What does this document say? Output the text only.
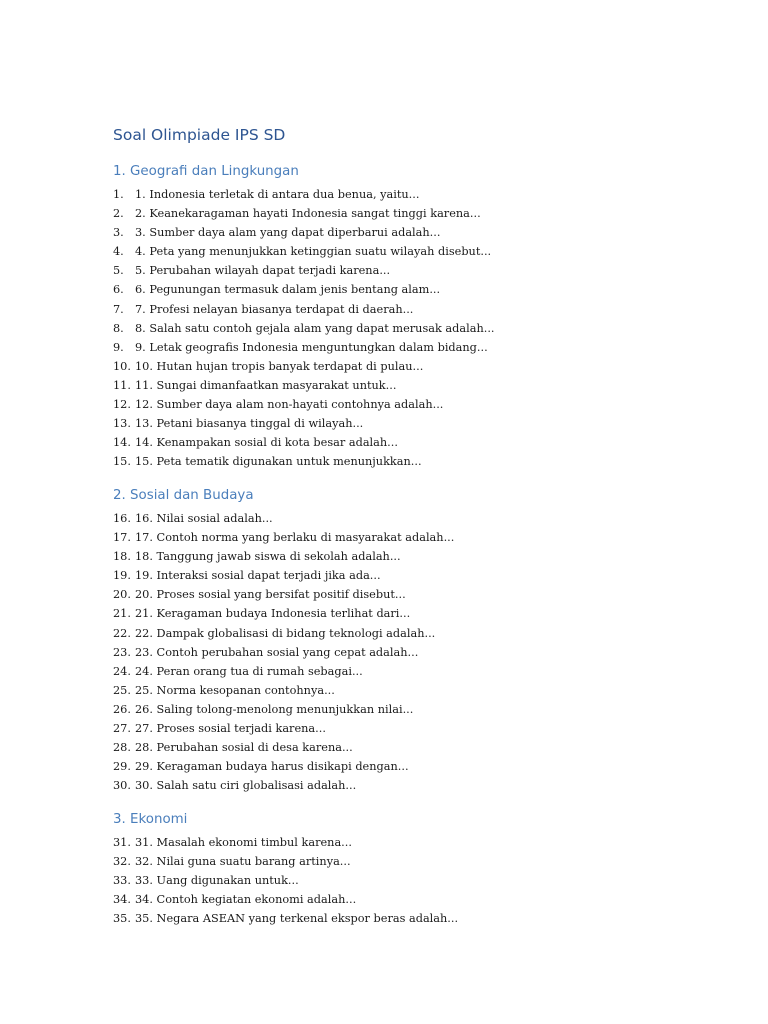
Soal Olimpiade IPS SD
1. Geografi dan Lingkungan
1. 1. Indonesia terletak di antara dua benua, yaitu...
2. 2. Keanekaragaman hayati Indonesia sangat tinggi karena...
3. 3. Sumber daya alam yang dapat diperbarui adalah...
4. 4. Peta yang menunjukkan ketinggian suatu wilayah disebut...
5. 5. Perubahan wilayah dapat terjadi karena...
6. 6. Pegunungan termasuk dalam jenis bentang alam...
7. 7. Profesi nelayan biasanya terdapat di daerah...
8. 8. Salah satu contoh gejala alam yang dapat merusak adalah...
9. 9. Letak geografis Indonesia menguntungkan dalam bidang...
10. 10. Hutan hujan tropis banyak terdapat di pulau...
11. 11. Sungai dimanfaatkan masyarakat untuk...
12. 12. Sumber daya alam non-hayati contohnya adalah...
13. 13. Petani biasanya tinggal di wilayah...
14. 14. Kenampakan sosial di kota besar adalah...
15. 15. Peta tematik digunakan untuk menunjukkan...
2. Sosial dan Budaya
16. 16. Nilai sosial adalah...
17. 17. Contoh norma yang berlaku di masyarakat adalah...
18. 18. Tanggung jawab siswa di sekolah adalah...
19. 19. Interaksi sosial dapat terjadi jika ada...
20. 20. Proses sosial yang bersifat positif disebut...
21. 21. Keragaman budaya Indonesia terlihat dari...
22. 22. Dampak globalisasi di bidang teknologi adalah...
23. 23. Contoh perubahan sosial yang cepat adalah...
24. 24. Peran orang tua di rumah sebagai...
25. 25. Norma kesopanan contohnya...
26. 26. Saling tolong-menolong menunjukkan nilai...
27. 27. Proses sosial terjadi karena...
28. 28. Perubahan sosial di desa karena...
29. 29. Keragaman budaya harus disikapi dengan...
30. 30. Salah satu ciri globalisasi adalah...
3. Ekonomi
31. 31. Masalah ekonomi timbul karena...
32. 32. Nilai guna suatu barang artinya...
33. 33. Uang digunakan untuk...
34. 34. Contoh kegiatan ekonomi adalah...
35. 35. Negara ASEAN yang terkenal ekspor beras adalah...
